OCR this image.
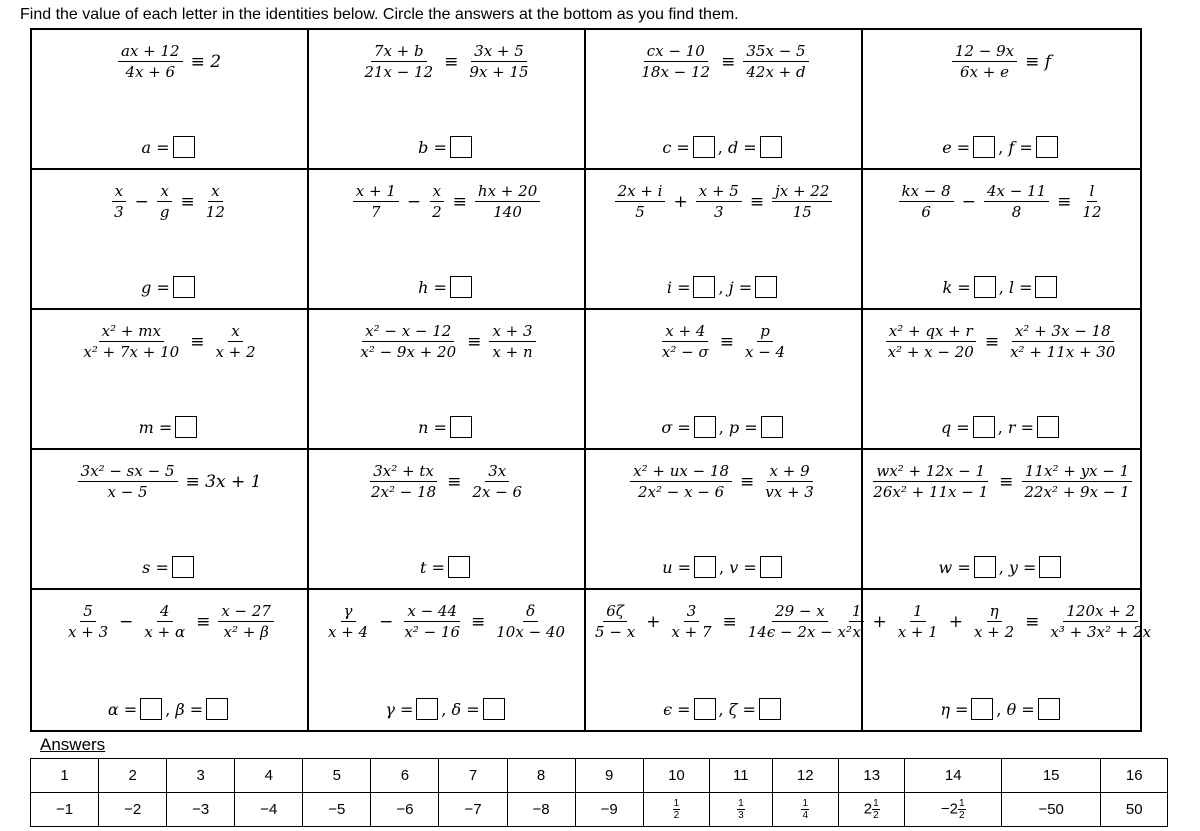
Find the value of each letter in the identities below. Circle the answers at the bottom as you find them.
$\frac{ax + 12}{4x + 6} \equiv 2$
a =
$\frac{7x + b}{21x - 12} \equiv \frac{3x + 5}{9x + 15}$
b =
$\frac{cx - 10}{18x - 12} \equiv \frac{35x - 5}{42x + d}$
c = , d =
$\frac{12 - 9x}{6x + e} \equiv f$
e = , f =
$\frac{x}{3} - \frac{x}{g} \equiv \frac{x}{12}$
g =
$\frac{x + 1}{7} - \frac{x}{2} \equiv \frac{hx + 20}{140}$
h =
$\frac{2x + i}{5} + \frac{x + 5}{3} \equiv \frac{jx + 22}{15}$
i = , j =
$\frac{kx - 8}{6} - \frac{4x - 11}{8} \equiv \frac{l}{12}$
k = , l =
$\frac{\text{x² + mx}}{\text{x² + 7x + 10}} \equiv \frac{x}{x + 2}$
m =
$\frac{\text{x² − x − 12}}{\text{x² − 9x + 20}} \equiv \frac{x + 3}{x + n}$
n =
$\frac{x + 4}{\text{x² − σ}} \equiv \frac{p}{x - 4}$
σ = , p =
$\frac{\text{x² + qx + r}}{\text{x² + x − 20}} \equiv \frac{\text{x² + 3x − 18}}{\text{x² + 11x + 30}}$
q = , r =
$\frac{\text{3x² − sx − 5}}{x - 5} \equiv 3x + 1$
s =
$\frac{\text{3x² + tx}}{\text{2x² − 18}} \equiv \frac{3x}{2x - 6}$
t =
$\frac{\text{x² + ux − 18}}{\text{2x² − x − 6}} \equiv \frac{x + 9}{vx + 3}$
u = , v =
$\frac{\text{wx² + 12x − 1}}{\text{26x² + 11x − 1}} \equiv \frac{\text{11x² + yx − 1}}{\text{22x² + 9x − 1}}$
w = , y =
$\frac{5}{x + 3} - \frac{4}{x + \alpha} \equiv \frac{x - 27}{\text{x² + β}}$
α = , β =
$\frac{\gamma}{x + 4} - \frac{x - 44}{\text{x² − 16}} \equiv \frac{\delta}{10x - 40}$
γ = , δ =
$\frac{6\zeta}{5 - x} + \frac{3}{x + 7} \equiv \frac{29 - x}{\text{14ϵ − 2x − x²}}$
ϵ = , ζ =
$\frac{1}{x} + \frac{1}{x + 1} + \frac{\eta}{x + 2} \equiv \frac{120x + 2}{\text{x³ + 3x² + 2x}}$
η = , θ =
Answers
1	2	3	4	5	6	7	8	9	10	11	12	13	14	15	16
−1	−2	−3	−4	−5	−6	−7	−8	−9	$\frac{1}{2}$	$\frac{1}{3}$	$\frac{1}{4}$	$2 \frac{1}{2}$	$-2 \frac{1}{2}$	−50	50
